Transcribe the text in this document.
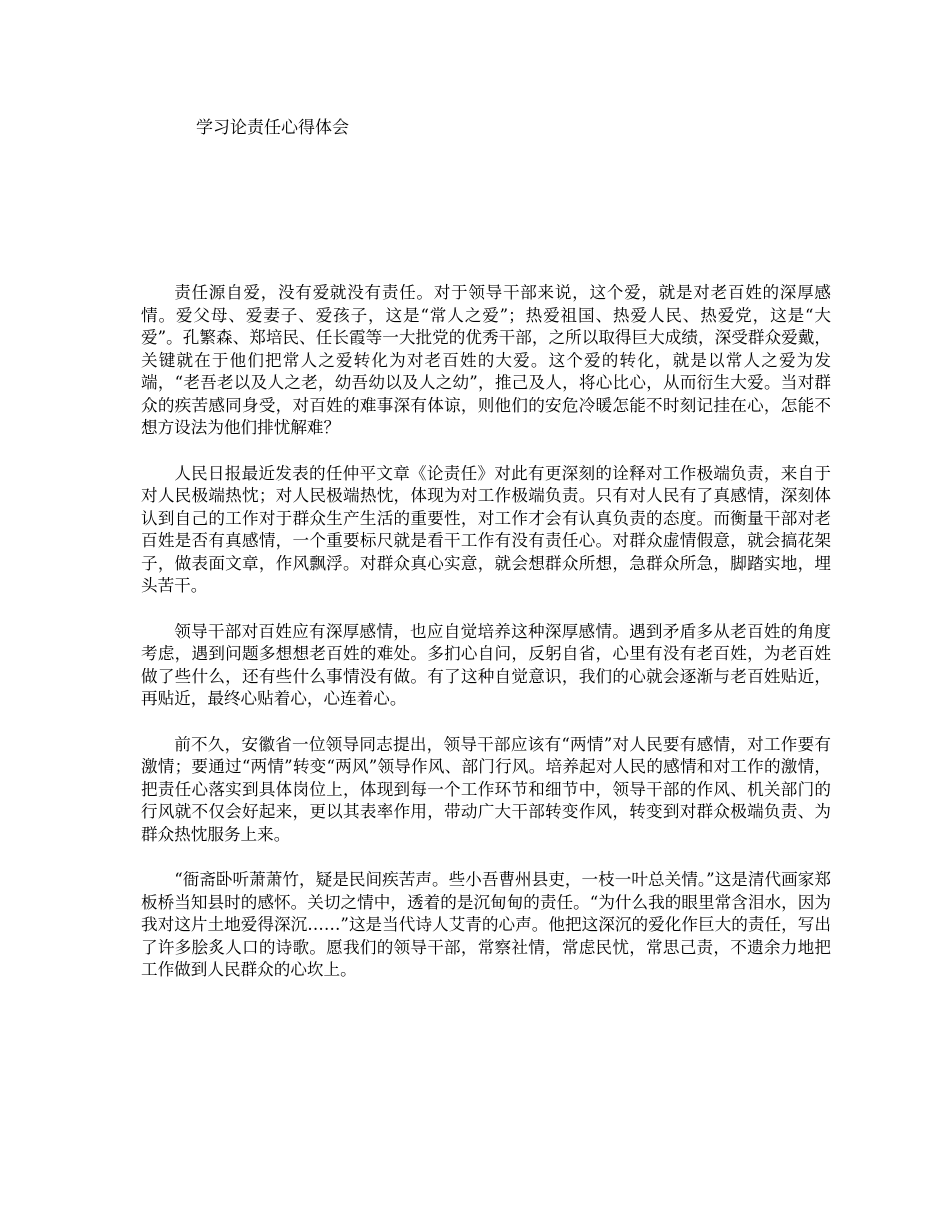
学习论责任心得体会

责任源自爱，没有爱就没有责任。对于领导干部来说，这个爱，就是对老百姓的深厚感情。爱父母、爱妻子、爱孩子，这是“常人之爱”；热爱祖国、热爱人民、热爱党，这是“大爱”。孔繁森、郑培民、任长霞等一大批党的优秀干部，之所以取得巨大成绩，深受群众爱戴，关键就在于他们把常人之爱转化为对老百姓的大爱。这个爱的转化，就是以常人之爱为发端，“老吾老以及人之老，幼吾幼以及人之幼”，推己及人，将心比心，从而衍生大爱。当对群众的疾苦感同身受，对百姓的难事深有体谅，则他们的安危冷暖怎能不时刻记挂在心，怎能不想方设法为他们排忧解难？

人民日报最近发表的任仲平文章《论责任》对此有更深刻的诠释对工作极端负责，来自于对人民极端热忱；对人民极端热忱，体现为对工作极端负责。只有对人民有了真感情，深刻体认到自己的工作对于群众生产生活的重要性，对工作才会有认真负责的态度。而衡量干部对老百姓是否有真感情，一个重要标尺就是看干工作有没有责任心。对群众虚情假意，就会搞花架子，做表面文章，作风飘浮。对群众真心实意，就会想群众所想，急群众所急，脚踏实地，埋头苦干。

领导干部对百姓应有深厚感情，也应自觉培养这种深厚感情。遇到矛盾多从老百姓的角度考虑，遇到问题多想想老百姓的难处。多扪心自问，反躬自省，心里有没有老百姓，为老百姓做了些什么，还有些什么事情没有做。有了这种自觉意识，我们的心就会逐渐与老百姓贴近，再贴近，最终心贴着心，心连着心。

前不久，安徽省一位领导同志提出，领导干部应该有“两情”对人民要有感情，对工作要有激情；要通过“两情”转变“两风”领导作风、部门行风。培养起对人民的感情和对工作的激情，把责任心落实到具体岗位上，体现到每一个工作环节和细节中，领导干部的作风、机关部门的行风就不仅会好起来，更以其表率作用，带动广大干部转变作风，转变到对群众极端负责、为群众热忱服务上来。

“衙斋卧听萧萧竹，疑是民间疾苦声。些小吾曹州县吏，一枝一叶总关情。”这是清代画家郑板桥当知县时的感怀。关切之情中，透着的是沉甸甸的责任。“为什么我的眼里常含泪水，因为我对这片土地爱得深沉……”这是当代诗人艾青的心声。他把这深沉的爱化作巨大的责任，写出了许多脍炙人口的诗歌。愿我们的领导干部，常察社情，常虑民忧，常思己责，不遗余力地把工作做到人民群众的心坎上。
